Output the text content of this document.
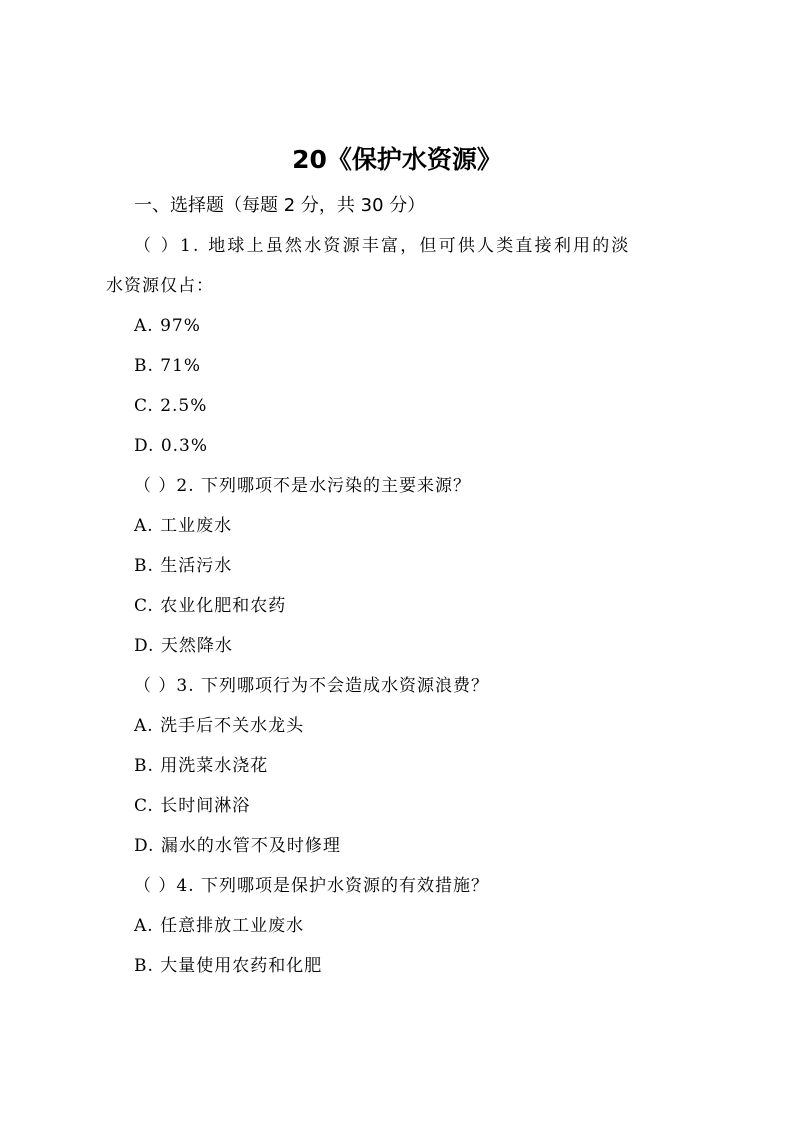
20《保护水资源》
一、选择题（每题 2 分，共 30 分）
（ ）1. 地球上虽然水资源丰富，但可供人类直接利用的淡
水资源仅占：
A. 97%
B. 71%
C. 2.5%
D. 0.3%
（ ）2. 下列哪项不是水污染的主要来源？
A. 工业废水
B. 生活污水
C. 农业化肥和农药
D. 天然降水
（ ）3. 下列哪项行为不会造成水资源浪费？
A. 洗手后不关水龙头
B. 用洗菜水浇花
C. 长时间淋浴
D. 漏水的水管不及时修理
（ ）4. 下列哪项是保护水资源的有效措施？
A. 任意排放工业废水
B. 大量使用农药和化肥
